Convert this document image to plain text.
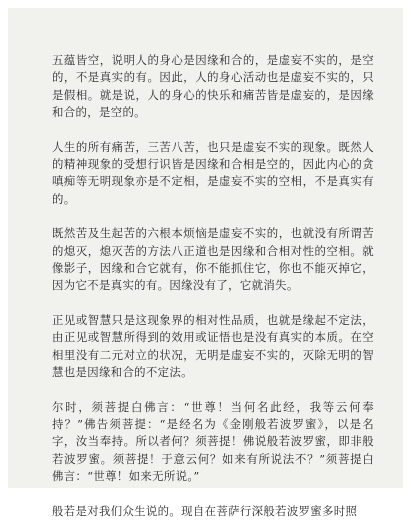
五蕴皆空，说明人的身心是因缘和合的，是虚妄不实的，是空的，不是真实的有。因此，人的身心活动也是虚妄不实的，只是假相。就是说，人的身心的快乐和痛苦皆是虚妄的，是因缘和合的，是空的。

人生的所有痛苦，三苦八苦，也只是虚妄不实的现象。既然人的精神现象的受想行识皆是因缘和合相是空的，因此内心的贪嗔痴等无明现象亦是不定相，是虚妄不实的空相，不是真实有的。

既然苦及生起苦的六根本烦恼是虚妄不实的，也就没有所谓苦的熄灭，熄灭苦的方法八正道也是因缘和合相对性的空相。就像影子，因缘和合它就有，你不能抓住它，你也不能灭掉它，因为它不是真实的有。因缘没有了，它就消失。

正见或智慧只是这现象界的相对性品质，也就是缘起不定法，由正见或智慧所得到的效用或证悟也是没有真实的本质。在空相里没有二元对立的状况，无明是虚妄不实的，灭除无明的智慧也是因缘和合的不定法。

尔时，须菩提白佛言：“世尊！当何名此经，我等云何奉持？”佛告须菩提：“是经名为《金刚般若波罗蜜》，以是名字，汝当奉持。所以者何？须菩提！佛说般若波罗蜜，即非般若波罗蜜。须菩提！于意云何？如来有所说法不？”须菩提白佛言：“世尊！如来无所说。”

般若是对我们众生说的。现自在菩萨行深般若波罗蜜多时照
